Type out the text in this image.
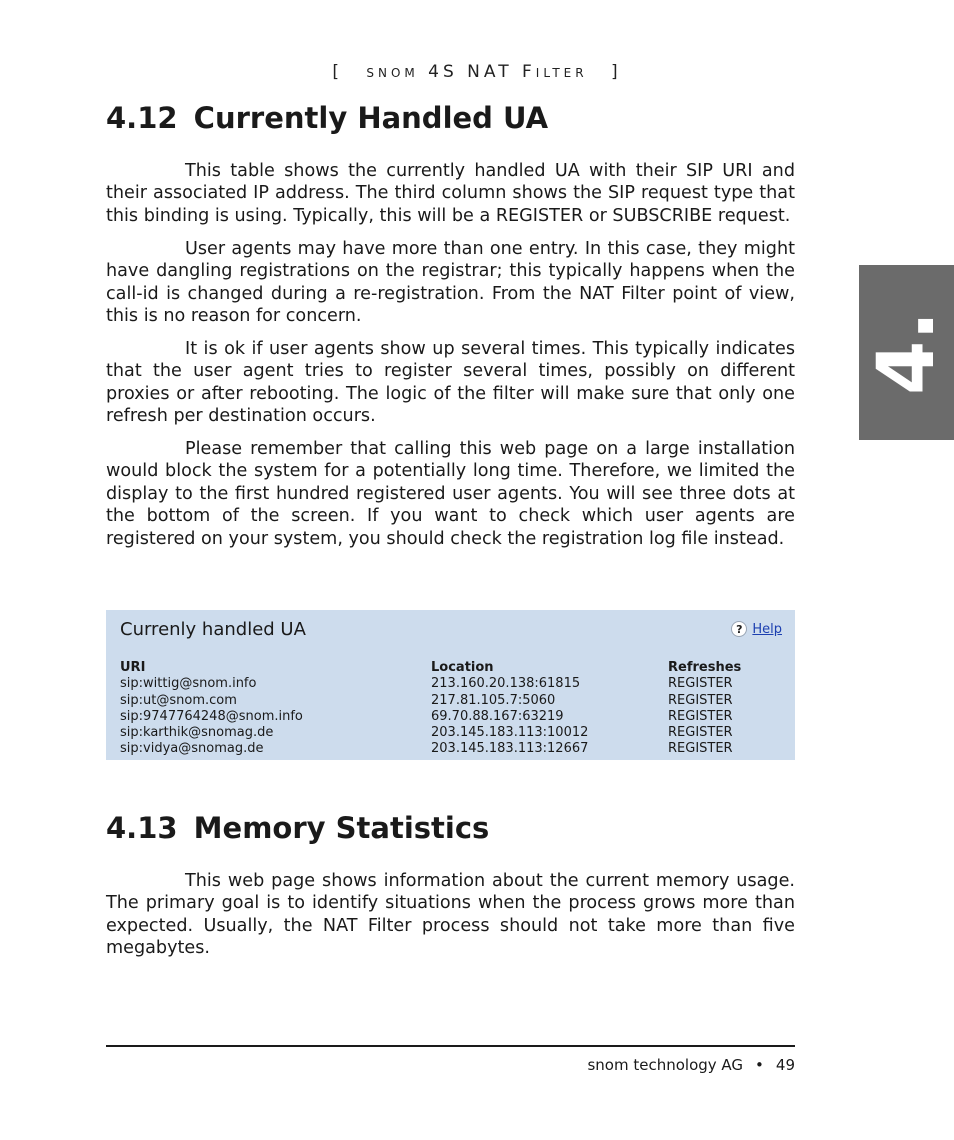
[ snom 4S NAT Filter ]
4.
4.12 Currently Handled UA

This table shows the currently handled UA with their SIP URI and their associated IP address. The third column shows the SIP request type that this binding is using. Typically, this will be a REGISTER or SUBSCRIBE request.

User agents may have more than one entry. In this case, they might have dangling registrations on the registrar; this typically happens when the call-id is changed during a re-registration. From the NAT Filter point of view, this is no reason for concern.

It is ok if user agents show up several times. This typically indicates that the user agent tries to register several times, possibly on different proxies or after rebooting. The logic of the filter will make sure that only one refresh per destination occurs.

Please remember that calling this web page on a large installation would block the system for a potentially long time. Therefore, we limited the display to the first hundred registered user agents. You will see three dots at the bottom of the screen. If you want to check which user agents are registered on your system, you should check the registration log file instead.

Currenly handled UA	? Help
URI	Location	Refreshes
sip:wittig@snom.info	213.160.20.138:61815	REGISTER
sip:ut@snom.com	217.81.105.7:5060	REGISTER
sip:9747764248@snom.info	69.70.88.167:63219	REGISTER
sip:karthik@snomag.de	203.145.183.113:10012	REGISTER
sip:vidya@snomag.de	203.145.183.113:12667	REGISTER
4.13 Memory Statistics

This web page shows information about the current memory usage. The primary goal is to identify situations when the process grows more than expected. Usually, the NAT Filter process should not take more than five megabytes.

snom technology AG • 49
